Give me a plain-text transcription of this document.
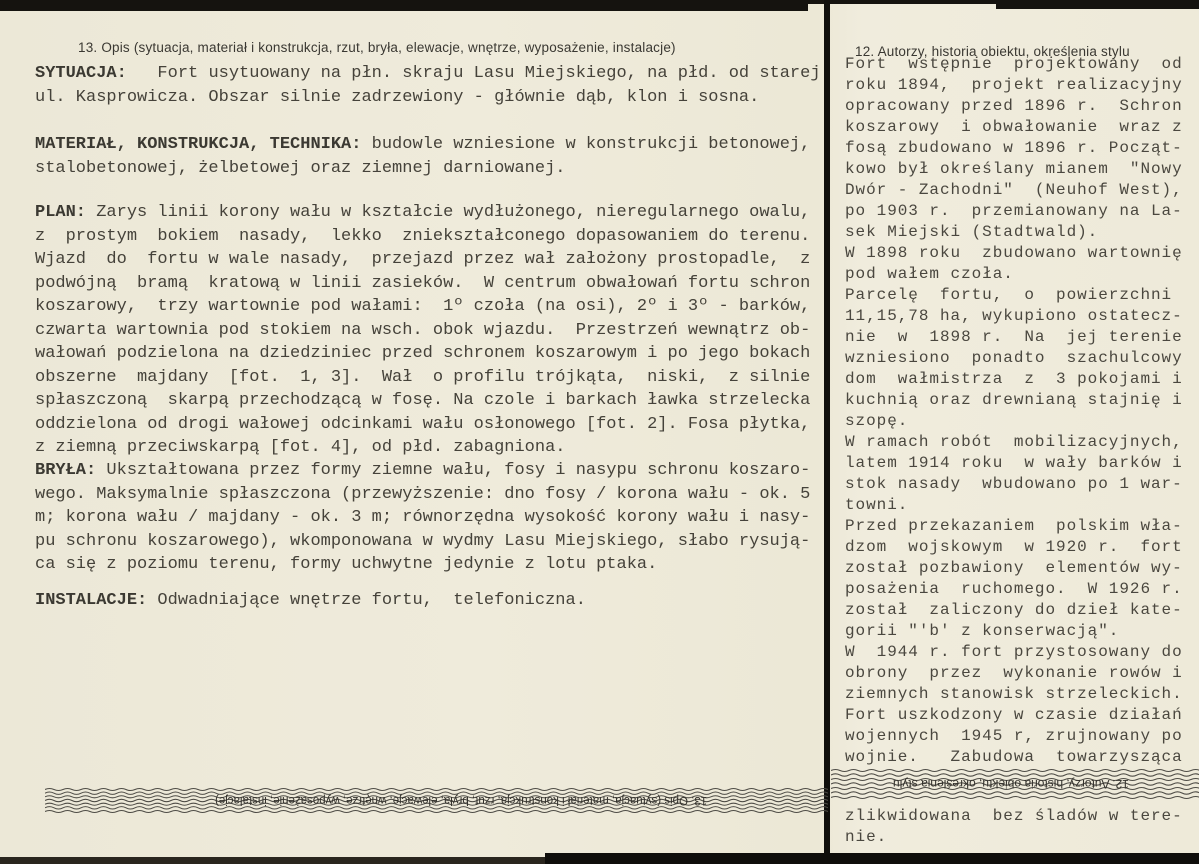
13. Opis (sytuacja, materiał i konstrukcja, rzut, bryła, elewacje, wnętrze, wyposażenie, instalacje)
SYTUACJA:   Fort usytuowany na płn. skraju Lasu Miejskiego, na płd. od starej
ul. Kasprowicza. Obszar silnie zadrzewiony - głównie dąb, klon i sosna.
MATERIAŁ, KONSTRUKCJA, TECHNIKA: budowle wzniesione w konstrukcji betonowej,
stalobetonowej, żelbetowej oraz ziemnej darniowanej.
PLAN: Zarys linii korony wału w kształcie wydłużonego, nieregularnego owalu,
z  prostym  bokiem  nasady,  lekko  zniekształconego dopasowaniem do terenu.
Wjazd  do  fortu w wale nasady,  przejazd przez wał założony prostopadle,  z
podwójną  bramą  kratową w linii zasieków.  W centrum obwałowań fortu schron
koszarowy,  trzy wartownie pod wałami:  1º czoła (na osi), 2º i 3º - barków,
czwarta wartownia pod stokiem na wsch. obok wjazdu.  Przestrzeń wewnątrz ob-
wałowań podzielona na dziedziniec przed schronem koszarowym i po jego bokach
obszerne  majdany  [fot.  1, 3].  Wał  o profilu trójkąta,  niski,  z silnie
spłaszczoną  skarpą przechodzącą w fosę. Na czole i barkach ławka strzelecka
oddzielona od drogi wałowej odcinkami wału osłonowego [fot. 2]. Fosa płytka,
z ziemną przeciwskarpą [fot. 4], od płd. zabagniona.
BRYŁA: Ukształtowana przez formy ziemne wału, fosy i nasypu schronu koszaro-
wego. Maksymalnie spłaszczona (przewyższenie: dno fosy / korona wału - ok. 5
m; korona wału / majdany - ok. 3 m; równorzędna wysokość korony wału i nasy-
pu schronu koszarowego), wkomponowana w wydmy Lasu Miejskiego, słabo rysują-
ca się z poziomu terenu, formy uchwytne jedynie z lotu ptaka.
INSTALACJE: Odwadniające wnętrze fortu,  telefoniczna.
13. Opis (sytuacja, materiał i konstrukcja, rzut, bryła, elewacje, wnętrze, wyposażenie, instalacje)
12. Autorzy, historia obiektu, określenia stylu
Fort  wstępnie  projektowany  od
roku 1894,  projekt realizacyjny
opracowany przed 1896 r.  Schron
koszarowy  i obwałowanie  wraz z
fosą zbudowano w 1896 r. Począt-
kowo był określany mianem  "Nowy
Dwór - Zachodni"  (Neuhof West),
po 1903 r.  przemianowany na La-
sek Miejski (Stadtwald).
W 1898 roku  zbudowano wartownię
pod wałem czoła.
Parcelę  fortu,  o  powierzchni
11,15,78 ha, wykupiono ostatecz-
nie  w  1898 r.  Na  jej terenie
wzniesiono  ponadto  szachulcowy
dom  wałmistrza  z  3 pokojami i
kuchnią oraz drewnianą stajnię i
szopę.
W ramach robót  mobilizacyjnych,
latem 1914 roku  w wały barków i
stok nasady  wbudowano po 1 war-
towni.
Przed przekazaniem  polskim wła-
dzom  wojskowym  w 1920 r.  fort
został pozbawiony  elementów wy-
posażenia  ruchomego.  W 1926 r.
został  zaliczony do dzieł kate-
gorii "'b' z konserwacją".
W  1944 r. fort przystosowany do
obrony  przez  wykonanie rowów i
ziemnych stanowisk strzeleckich.
Fort uszkodzony w czasie działań
wojennych  1945 r, zrujnowany po
wojnie.   Zabudowa  towarzysząca
12. Autorzy, historia obiektu, określenia stylu
zlikwidowana  bez śladów w tere-
nie.
